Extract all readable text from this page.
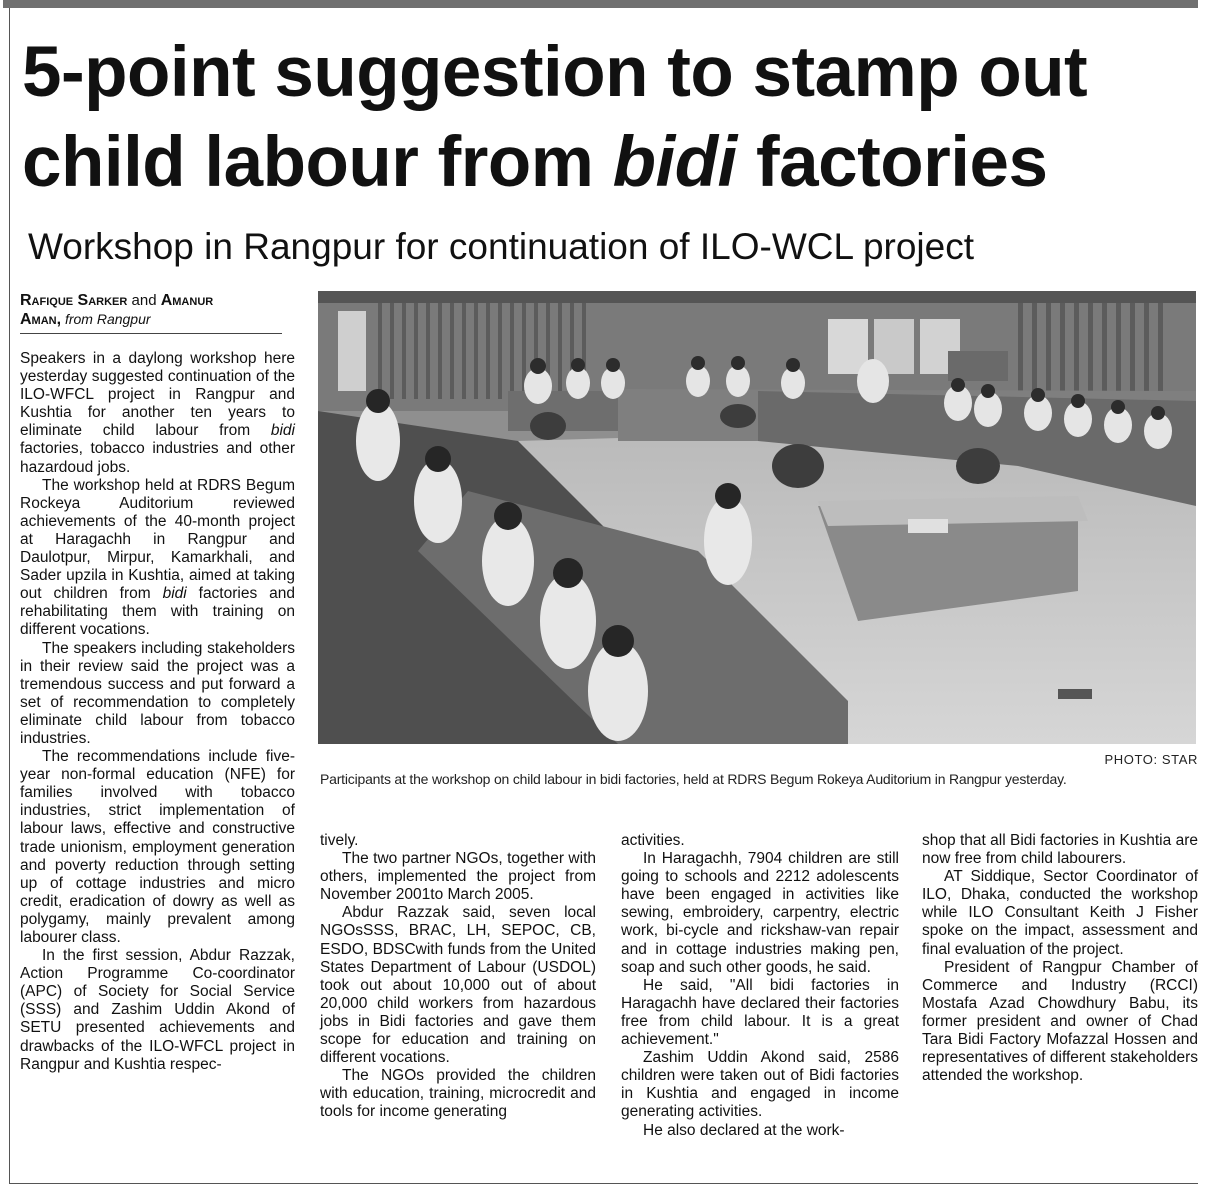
5-point suggestion to stamp out
child labour from bidi factories
Workshop in Rangpur for continuation of ILO-WCL project
Rafique Sarker and Amanur
Aman, from Rangpur
PHOTO: STAR
Participants at the workshop on child labour in bidi factories, held at RDRS Begum Rokeya Auditorium in Rangpur yesterday.

Speakers in a daylong workshop here yesterday suggested continuation of the ILO-WFCL project in Rangpur and Kushtia for another ten years to eliminate child labour from bidi factories, tobacco industries and other hazardoud jobs.

The workshop held at RDRS Begum Rockeya Auditorium reviewed achievements of the 40-month project at Haragachh in Rangpur and Daulotpur, Mirpur, Kamarkhali, and Sader upzila in Kushtia, aimed at taking out children from bidi factories and rehabilitating them with training on different vocations.

The speakers including stakeholders in their review said the project was a tremendous success and put forward a set of recommendation to completely eliminate child labour from tobacco industries.

The recommendations include five-year non-formal education (NFE) for families involved with tobacco industries, strict implementation of labour laws, effective and constructive trade unionism, employment generation and poverty reduction through setting up of cottage industries and micro credit, eradication of dowry as well as polygamy, mainly prevalent among labourer class.

In the first session, Abdur Razzak, Action Programme Co-coordinator (APC) of Society for Social Service (SSS) and Zashim Uddin Akond of SETU presented achievements and drawbacks of the ILO-WFCL project in Rangpur and Kushtia respec-

tively.

The two partner NGOs, together with others, implemented the project from November 2001to March 2005.

Abdur Razzak said, seven local NGOsSSS, BRAC, LH, SEPOC, CB, ESDO, BDSCwith funds from the United States Department of Labour (USDOL) took out about 10,000 out of about 20,000 child workers from hazardous jobs in Bidi factories and gave them scope for education and training on different vocations.

The NGOs provided the children with education, training, microcredit and tools for income generating

activities.

In Haragachh, 7904 children are still going to schools and 2212 adolescents have been engaged in activities like sewing, embroidery, carpentry, electric work, bi-cycle and rickshaw-van repair and in cottage industries making pen, soap and such other goods, he said.

He said, "All bidi factories in Haragachh have declared their factories free from child labour. It is a great achievement."

Zashim Uddin Akond said, 2586 children were taken out of Bidi factories in Kushtia and engaged in income generating activities.

He also declared at the work-

shop that all Bidi factories in Kushtia are now free from child labourers.

AT Siddique, Sector Coordinator of ILO, Dhaka, conducted the workshop while ILO Consultant Keith J Fisher spoke on the impact, assessment and final evaluation of the project.

President of Rangpur Chamber of Commerce and Industry (RCCI) Mostafa Azad Chowdhury Babu, its former president and owner of Chad Tara Bidi Factory Mofazzal Hossen and representatives of different stakeholders attended the workshop.
